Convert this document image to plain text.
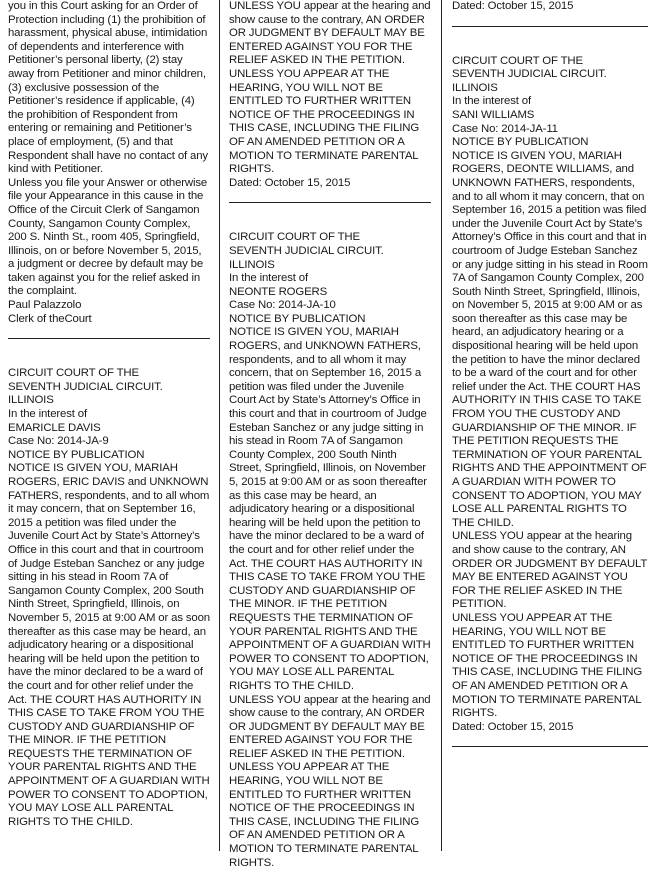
you in this Court asking for an Order of Protection including (1) the prohibition of harassment, physical abuse, intimidation of dependents and interference with Petitioner’s personal liberty, (2) stay away from Petitioner and minor children, (3) exclusive possession of the Petitioner’s residence if applicable, (4) the prohibition of Respondent from entering or remaining and Petitioner’s place of employment, (5) and that Respondent shall have no contact of any kind with Petitioner.

Unless you file your Answer or otherwise file your Appearance in this cause in the Office of the Circuit Clerk of Sangamon County, Sangamon County Complex, 200 S. Ninth St., room 405, Springfield, Illinois, on or before November 5, 2015, a judgment or decree by default may be taken against you for the relief asked in the complaint.

Paul Palazzolo

Clerk of theCourt

CIRCUIT COURT OF THE

SEVENTH JUDICIAL CIRCUIT. ILLINOIS

In the interest of

EMARICLE DAVIS

Case No: 2014-JA-9

NOTICE BY PUBLICATION

NOTICE IS GIVEN YOU, MARIAH ROGERS, ERIC DAVIS and UNKNOWN FATHERS, respondents, and to all whom it may concern, that on September 16, 2015 a petition was filed under the Juvenile Court Act by State’s Attorney’s Office in this court and that in courtroom of Judge Esteban Sanchez or any judge sitting in his stead in Room 7A of Sangamon County Complex, 200 South Ninth Street, Springfield, Illinois, on November 5, 2015 at 9:00 AM or as soon thereafter as this case may be heard, an adjudicatory hearing or a dispositional hearing will be held upon the petition to have the minor declared to be a ward of the court and for other relief under the Act. THE COURT HAS AUTHORITY IN THIS CASE TO TAKE FROM YOU THE CUSTODY AND GUARDIANSHIP OF THE MINOR. IF THE PETITION REQUESTS THE TERMINATION OF YOUR PARENTAL RIGHTS AND THE APPOINTMENT OF A GUARDIAN WITH POWER TO CONSENT TO ADOPTION, YOU MAY LOSE ALL PARENTAL RIGHTS TO THE CHILD.

UNLESS YOU appear at the hearing and show cause to the contrary, AN ORDER OR JUDGMENT BY DEFAULT MAY BE ENTERED AGAINST YOU FOR THE RELIEF ASKED IN THE PETITION.

UNLESS YOU APPEAR AT THE HEARING, YOU WILL NOT BE ENTITLED TO FURTHER WRITTEN NOTICE OF THE PROCEEDINGS IN THIS CASE, INCLUDING THE FILING OF AN AMENDED PETITION OR A MOTION TO TERMINATE PARENTAL RIGHTS.

Dated: October 15, 2015

CIRCUIT COURT OF THE

SEVENTH JUDICIAL CIRCUIT. ILLINOIS

In the interest of

NEONTE ROGERS

Case No: 2014-JA-10

NOTICE BY PUBLICATION

NOTICE IS GIVEN YOU, MARIAH ROGERS, and UNKNOWN FATHERS, respondents, and to all whom it may concern, that on September 16, 2015 a petition was filed under the Juvenile Court Act by State’s Attorney’s Office in this court and that in courtroom of Judge Esteban Sanchez or any judge sitting in his stead in Room 7A of Sangamon County Complex, 200 South Ninth Street, Springfield, Illinois, on November 5, 2015 at 9:00 AM or as soon thereafter as this case may be heard, an adjudicatory hearing or a dispositional hearing will be held upon the petition to have the minor declared to be a ward of the court and for other relief under the Act. THE COURT HAS AUTHORITY IN THIS CASE TO TAKE FROM YOU THE CUSTODY AND GUARDIANSHIP OF THE MINOR. IF THE PETITION REQUESTS THE TERMINATION OF YOUR PARENTAL RIGHTS AND THE APPOINTMENT OF A GUARDIAN WITH POWER TO CONSENT TO ADOPTION, YOU MAY LOSE ALL PARENTAL RIGHTS TO THE CHILD.

UNLESS YOU appear at the hearing and show cause to the contrary, AN ORDER OR JUDGMENT BY DEFAULT MAY BE ENTERED AGAINST YOU FOR THE RELIEF ASKED IN THE PETITION.

UNLESS YOU APPEAR AT THE HEARING, YOU WILL NOT BE ENTITLED TO FURTHER WRITTEN NOTICE OF THE PROCEEDINGS IN THIS CASE, INCLUDING THE FILING OF AN AMENDED PETITION OR A MOTION TO TERMINATE PARENTAL RIGHTS.

Dated: October 15, 2015

CIRCUIT COURT OF THE

SEVENTH JUDICIAL CIRCUIT. ILLINOIS

In the interest of

SANI WILLIAMS

Case No: 2014-JA-11

NOTICE BY PUBLICATION

NOTICE IS GIVEN YOU, MARIAH ROGERS, DEONTE WILLIAMS, and UNKNOWN FATHERS, respondents, and to all whom it may concern, that on September 16, 2015 a petition was filed under the Juvenile Court Act by State’s Attorney’s Office in this court and that in courtroom of Judge Esteban Sanchez or any judge sitting in his stead in Room 7A of Sangamon County Complex, 200 South Ninth Street, Springfield, Illinois, on November 5, 2015 at 9:00 AM or as soon thereafter as this case may be heard, an adjudicatory hearing or a dispositional hearing will be held upon the petition to have the minor declared to be a ward of the court and for other relief under the Act. THE COURT HAS AUTHORITY IN THIS CASE TO TAKE FROM YOU THE CUSTODY AND GUARDIANSHIP OF THE MINOR. IF THE PETITION REQUESTS THE TERMINATION OF YOUR PARENTAL RIGHTS AND THE APPOINTMENT OF A GUARDIAN WITH POWER TO CONSENT TO ADOPTION, YOU MAY LOSE ALL PARENTAL RIGHTS TO THE CHILD.

UNLESS YOU appear at the hearing and show cause to the contrary, AN ORDER OR JUDGMENT BY DEFAULT MAY BE ENTERED AGAINST YOU FOR THE RELIEF ASKED IN THE PETITION.

UNLESS YOU APPEAR AT THE HEARING, YOU WILL NOT BE ENTITLED TO FURTHER WRITTEN NOTICE OF THE PROCEEDINGS IN THIS CASE, INCLUDING THE FILING OF AN AMENDED PETITION OR A MOTION TO TERMINATE PARENTAL RIGHTS.

Dated: October 15, 2015
